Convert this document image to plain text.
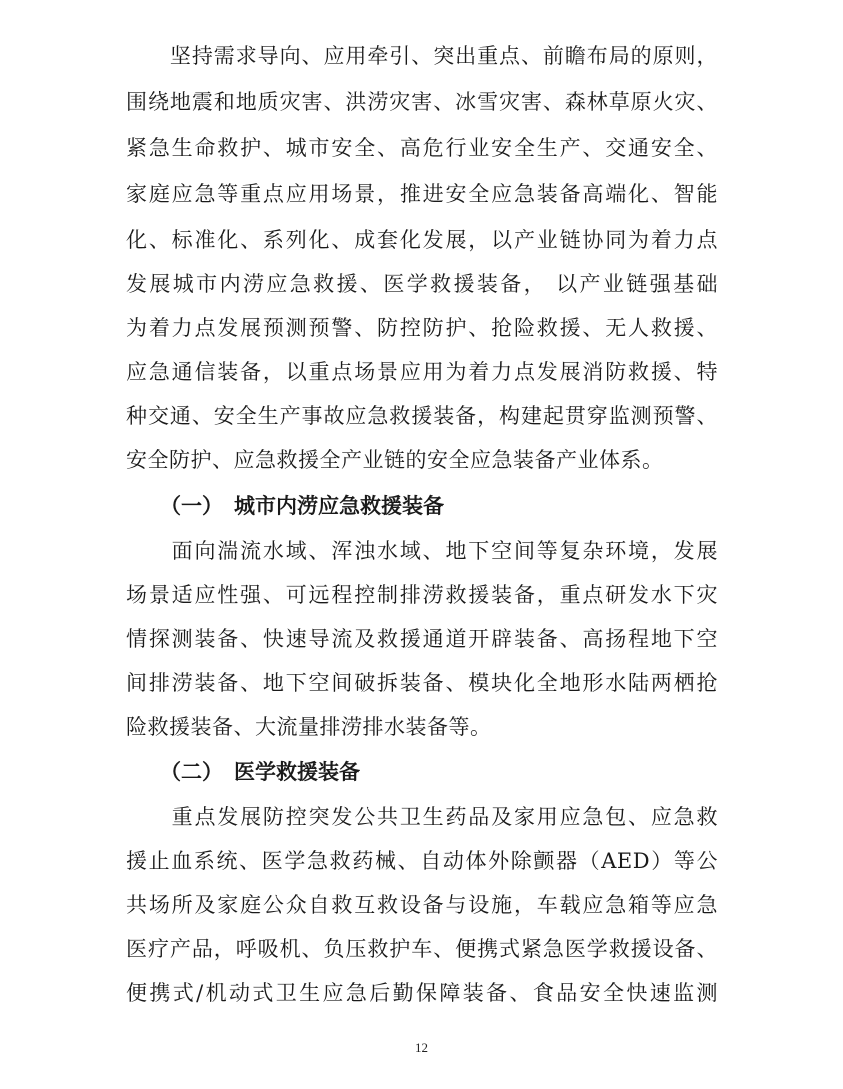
　　坚持需求导向、应用牵引、突出重点、前瞻布局的原则，
围绕地震和地质灾害、洪涝灾害、冰雪灾害、森林草原火灾、
紧急生命救护、城市安全、高危行业安全生产、交通安全、
家庭应急等重点应用场景，推进安全应急装备高端化、智能
化、标准化、系列化、成套化发展，以产业链协同为着力点
发展城市内涝应急救援、医学救援装备， 以产业链强基础
为着力点发展预测预警、防控防护、抢险救援、无人救援、
应急通信装备，以重点场景应用为着力点发展消防救援、特
种交通、安全生产事故应急救援装备，构建起贯穿监测预警、
安全防护、应急救援全产业链的安全应急装备产业体系。
（一） 城市内涝应急救援装备
　　面向湍流水域、浑浊水域、地下空间等复杂环境，发展
场景适应性强、可远程控制排涝救援装备，重点研发水下灾
情探测装备、快速导流及救援通道开辟装备、高扬程地下空
间排涝装备、地下空间破拆装备、模块化全地形水陆两栖抢
险救援装备、大流量排涝排水装备等。
（二） 医学救援装备
　　重点发展防控突发公共卫生药品及家用应急包、应急救
援止血系统、医学急救药械、自动体外除颤器（AED）等公
共场所及家庭公众自救互救设备与设施，车载应急箱等应急
医疗产品，呼吸机、负压救护车、便携式紧急医学救援设备、
便携式/机动式卫生应急后勤保障装备、食品安全快速监测
12
